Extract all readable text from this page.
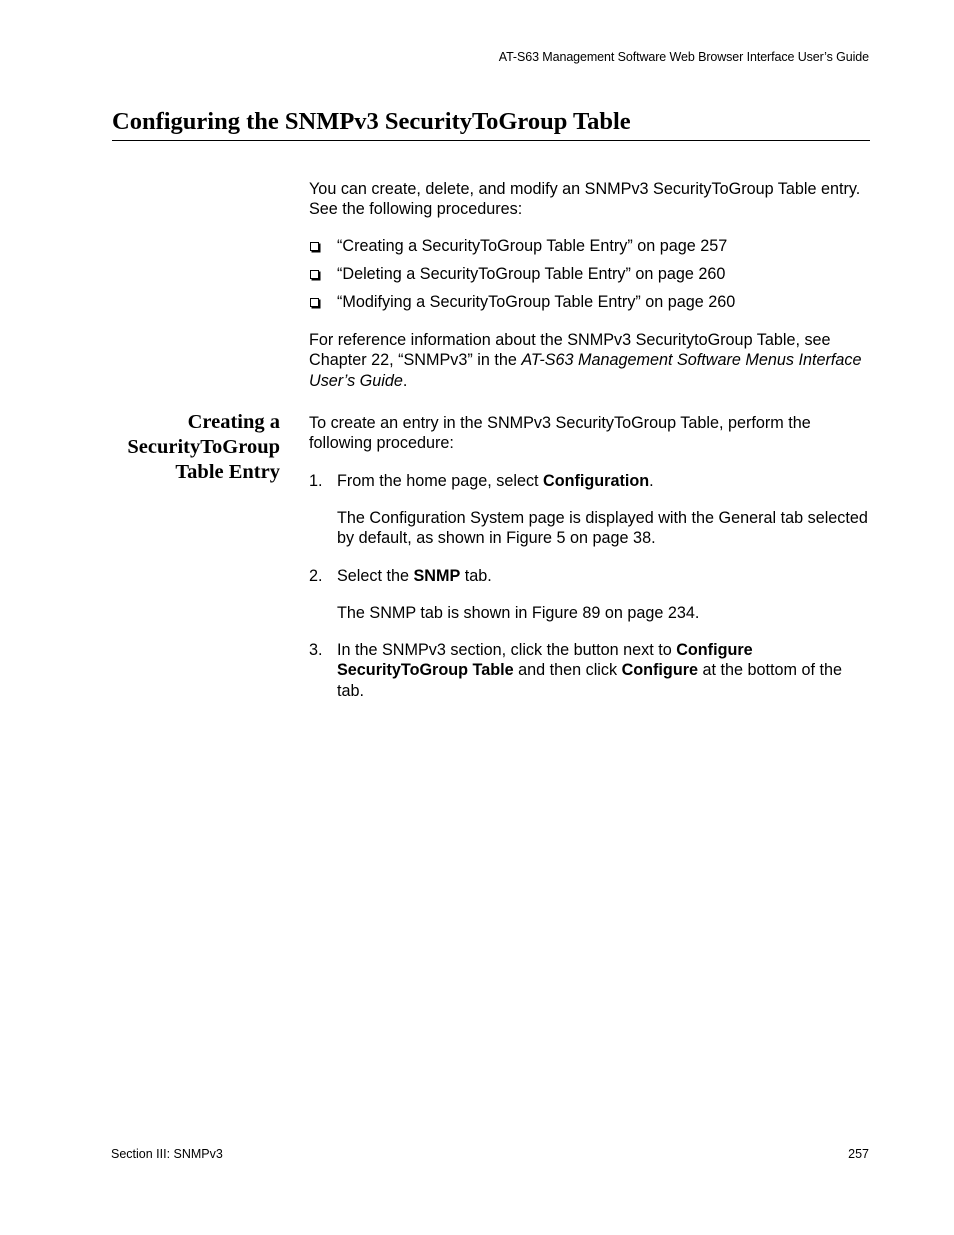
AT-S63 Management Software Web Browser Interface User’s Guide
Configuring the SNMPv3 SecurityToGroup Table

You can create, delete, and modify an SNMPv3 SecurityToGroup Table entry. See the following procedures:

“Creating a SecurityToGroup Table Entry” on page 257
“Deleting a SecurityToGroup Table Entry” on page 260
“Modifying a SecurityToGroup Table Entry” on page 260

For reference information about the SNMPv3 SecuritytoGroup Table, see Chapter 22, “SNMPv3” in the AT-S63 Management Software Menus Interface User’s Guide.

Creating a
SecurityToGroup
Table Entry

To create an entry in the SNMPv3 SecurityToGroup Table, perform the following procedure:

1. From the home page, select Configuration.

The Configuration System page is displayed with the General tab selected by default, as shown in Figure 5 on page 38.

2. Select the SNMP tab.

The SNMP tab is shown in Figure 89 on page 234.

3. In the SNMPv3 section, click the button next to Configure SecurityToGroup Table and then click Configure at the bottom of the tab.
Section III: SNMPv3	257
